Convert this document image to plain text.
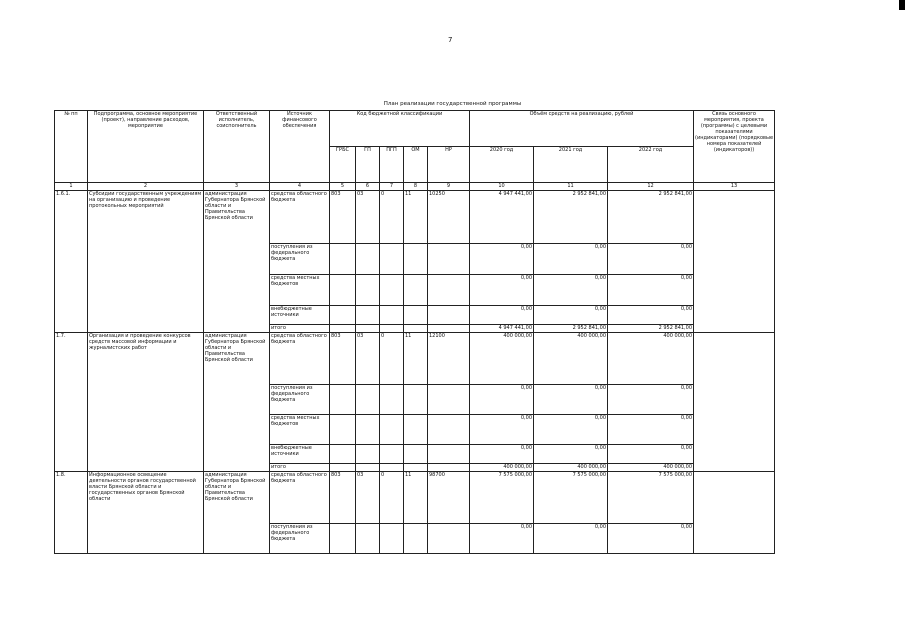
7
План реализации государственной программы
№ пп	Подпрограмма, основное мероприятие (проект), направление расходов, мероприятие	Ответственный исполнитель, соисполнитель	Источник финансового обеспечения	Код бюджетной классификации					Объём средств на реализацию, рублей			Связь основного мероприятия, проекта (программы) с целевыми показателями (индикаторами) (порядковые номера показателей (индикаторов))
				ГРБС	ГП	ПГП	ОМ	НР	2020 год	2021 год	2022 год	
1	2	3	4	5	6	7	8	9	10	11	12	13
1.6.1.	Субсидии государственным учреждениям на организацию и проведение протокольных мероприятий	администрация Губернатора Брянской области и Правительства Брянской области	средства областного бюджета	803	03	0	11	10250	4 947 441,00	2 952 841,00	2 952 841,00	
			поступления из федерального бюджета						0,00	0,00	0,00	
			средства местных бюджетов						0,00	0,00	0,00	
			внебюджетные источники						0,00	0,00	0,00	
			итого						4 947 441,00	2 952 841,00	2 952 841,00	
1.7.	Организация и проведение конкурсов средств массовой информации и журналистских работ	администрация Губернатора Брянской области и Правительства Брянской области	средства областного бюджета	803	03	0	11	12100	400 000,00	400 000,00	400 000,00	
			поступления из федерального бюджета						0,00	0,00	0,00	
			средства местных бюджетов						0,00	0,00	0,00	
			внебюджетные источники						0,00	0,00	0,00	
			итого						400 000,00	400 000,00	400 000,00	
1.8.	Информационное освещение деятельности органов государственной власти Брянской области и государственных органов Брянской области	администрация Губернатора Брянской области и Правительства Брянской области	средства областного бюджета	803	03	0	11	98700	7 575 000,00	7 575 000,00	7 575 000,00	
			поступления из федерального бюджета						0,00	0,00	0,00	
